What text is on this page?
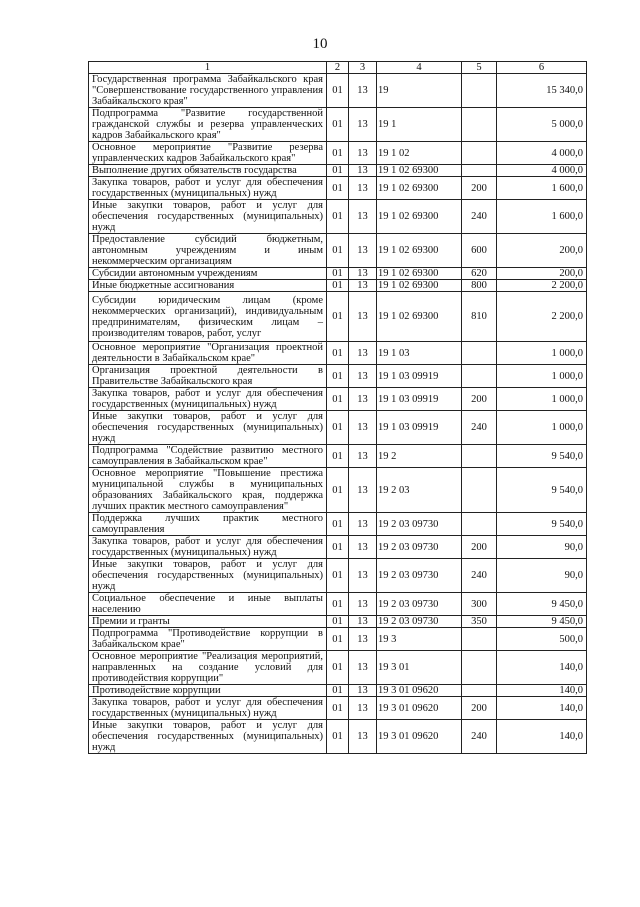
10
1	2	3	4	5	6
Государственная программа Забайкальского края "Совершенствование государственного управления Забайкальского края"	01	13	19		15 340,0
Подпрограмма "Развитие государственной гражданской службы и резерва управленческих кадров Забайкальского края"	01	13	19 1		5 000,0
Основное мероприятие "Развитие резерва управленческих кадров Забайкальского края"	01	13	19 1 02		4 000,0
Выполнение других обязательств государства	01	13	19 1 02 69300		4 000,0
Закупка товаров, работ и услуг для обеспечения государственных (муниципальных) нужд	01	13	19 1 02 69300	200	1 600,0
Иные закупки товаров, работ и услуг для обеспечения государственных (муниципальных) нужд	01	13	19 1 02 69300	240	1 600,0
Предоставление субсидий бюджетным, автономным учреждениям и иным некоммерческим организациям	01	13	19 1 02 69300	600	200,0
Субсидии автономным учреждениям	01	13	19 1 02 69300	620	200,0
Иные бюджетные ассигнования	01	13	19 1 02 69300	800	2 200,0
Субсидии юридическим лицам (кроме некоммерческих организаций), индивидуальным предпринимателям, физическим лицам – производителям товаров, работ, услуг	01	13	19 1 02 69300	810	2 200,0
Основное мероприятие "Организация проектной деятельности в Забайкальском крае"	01	13	19 1 03		1 000,0
Организация проектной деятельности в Правительстве Забайкальского края	01	13	19 1 03 09919		1 000,0
Закупка товаров, работ и услуг для обеспечения государственных (муниципальных) нужд	01	13	19 1 03 09919	200	1 000,0
Иные закупки товаров, работ и услуг для обеспечения государственных (муниципальных) нужд	01	13	19 1 03 09919	240	1 000,0
Подпрограмма "Содействие развитию местного самоуправления в Забайкальском крае"	01	13	19 2		9 540,0
Основное мероприятие "Повышение престижа муниципальной службы в муниципальных образованиях Забайкальского края, поддержка лучших практик местного самоуправления"	01	13	19 2 03		9 540,0
Поддержка лучших практик местного самоуправления	01	13	19 2 03 09730		9 540,0
Закупка товаров, работ и услуг для обеспечения государственных (муниципальных) нужд	01	13	19 2 03 09730	200	90,0
Иные закупки товаров, работ и услуг для обеспечения государственных (муниципальных) нужд	01	13	19 2 03 09730	240	90,0
Социальное обеспечение и иные выплаты населению	01	13	19 2 03 09730	300	9 450,0
Премии и гранты	01	13	19 2 03 09730	350	9 450,0
Подпрограмма "Противодействие коррупции в Забайкальском крае"	01	13	19 3		500,0
Основное мероприятие "Реализация мероприятий, направленных на создание условий для противодействия коррупции"	01	13	19 3 01		140,0
Противодействие коррупции	01	13	19 3 01 09620		140,0
Закупка товаров, работ и услуг для обеспечения государственных (муниципальных) нужд	01	13	19 3 01 09620	200	140,0
Иные закупки товаров, работ и услуг для обеспечения государственных (муниципальных) нужд	01	13	19 3 01 09620	240	140,0
